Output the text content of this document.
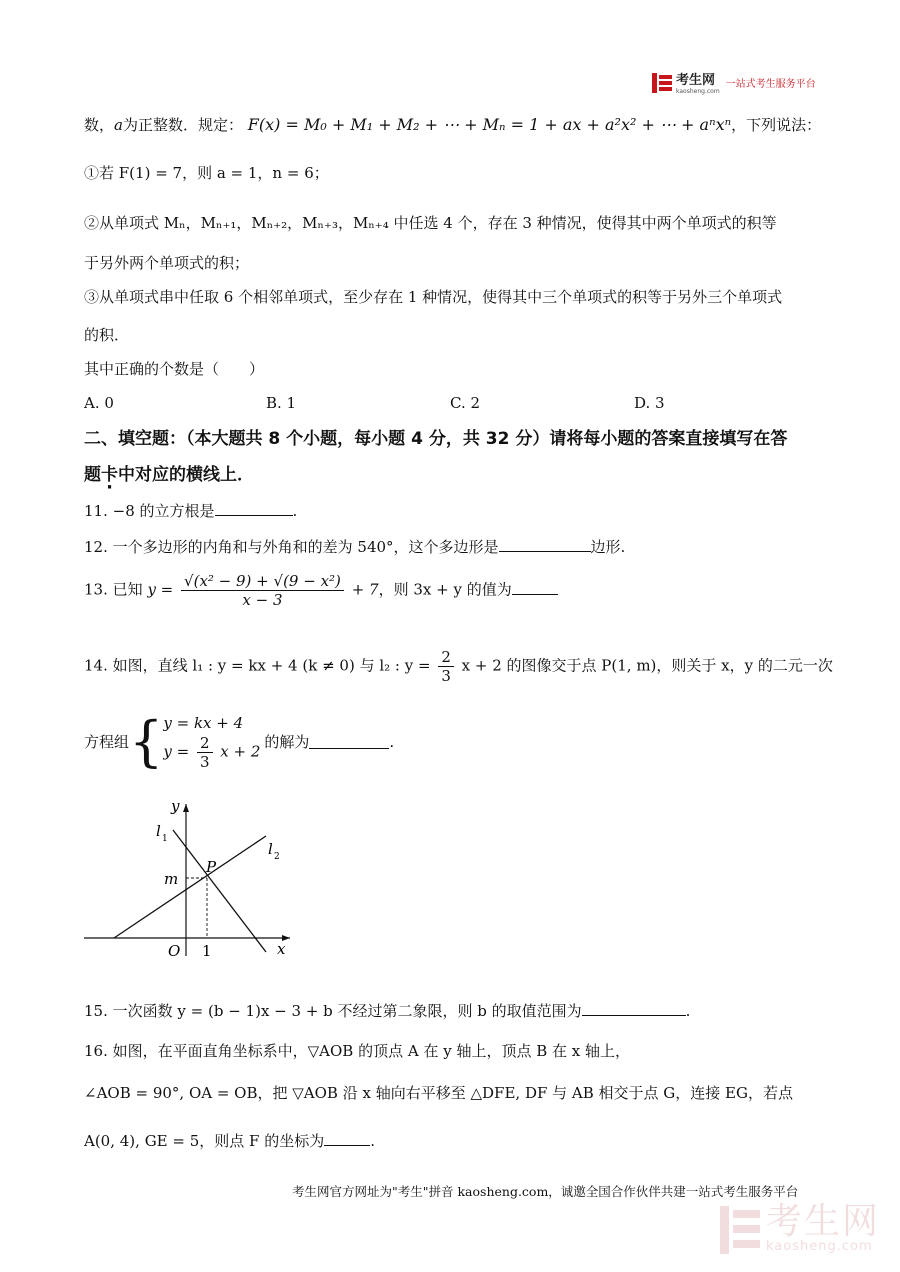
考生网
kaosheng.com
一站式考生服务平台
数，a为正整数．规定： F(x) = M₀ + M₁ + M₂ + ⋯ + Mₙ = 1 + ax + a²x² + ⋯ + aⁿxⁿ，下列说法：
①若 F(1) = 7，则 a = 1，n = 6；
②从单项式 Mₙ，Mₙ₊₁，Mₙ₊₂，Mₙ₊₃，Mₙ₊₄ 中任选 4 个，存在 3 种情况，使得其中两个单项式的积等
于另外两个单项式的积；
③从单项式串中任取 6 个相邻单项式，至少存在 1 种情况，使得其中三个单项式的积等于另外三个单项式
的积．
其中正确的个数是（　　）
A. 0	B. 1	C. 2	D. 3
二、填空题：（本大题共 8 个小题，每小题 4 分，共 32 分）请将每小题的答案直接填写在答
题卡中对应的横线上．
11. −8 的立方根是	.
12. 一个多边形的内角和与外角和的差为 540°，这个多边形是	边形.
13. 已知 $y = \frac{\text{√(x² − 9) + √(9 − x²)}}{x - 3} + 7$，则 3x + y 的值为
14. 如图，直线 l₁ : y = kx + 4 (k ≠ 0) 与 l₂ : $y = \frac{2}{3}$ x + 2 的图像交于点 P(1, m)，则关于 x，y 的二元一次
方程组 { y = kx + 4
$y = \frac{2}{3}$ x + 2
的解为	.
y
x
O 1
m
P
l 1
l 2
15. 一次函数 y = (b − 1)x − 3 + b 不经过第二象限，则 b 的取值范围为	.
16. 如图，在平面直角坐标系中，▽AOB 的顶点 A 在 y 轴上，顶点 B 在 x 轴上，
∠AOB = 90°, OA = OB，把 ▽AOB 沿 x 轴向右平移至 △DFE, DF 与 AB 相交于点 G，连接 EG，若点
A(0, 4), GE = 5，则点 F 的坐标为	.
考生网官方网址为"考生"拼音 kaosheng.com，诚邀全国合作伙伴共建一站式考生服务平台
考生网
kaosheng.com
